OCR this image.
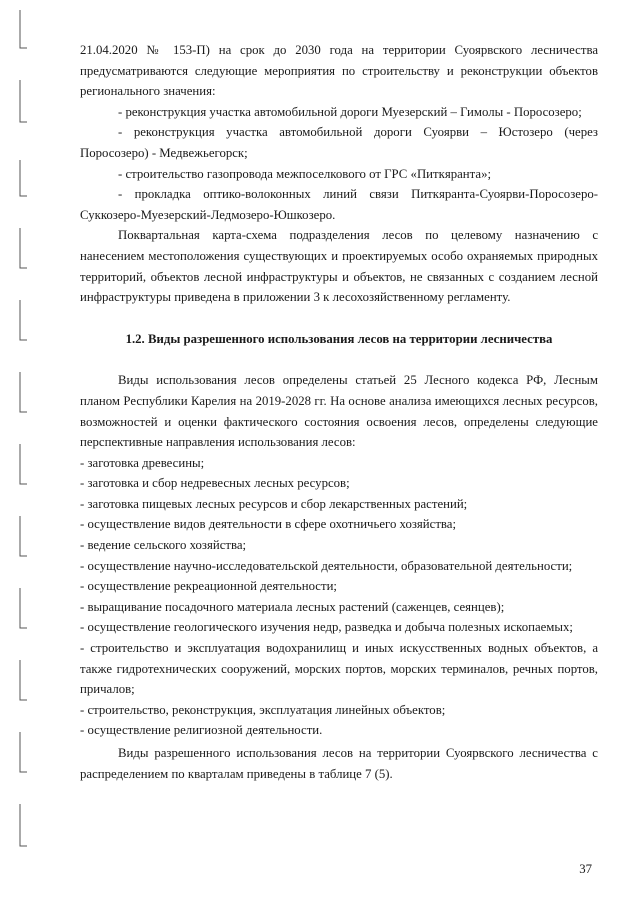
21.04.2020 № 153-П) на срок до 2030 года на территории Суоярвского лесничества предусматриваются следующие мероприятия по строительству и реконструкции объектов регионального значения:

- реконструкция участка автомобильной дороги Муезерский – Гимолы - Поросозеро;

- реконструкция участка автомобильной дороги Суоярви – Юстозеро (через Поросозеро) - Медвежьегорск;

- строительство газопровода межпоселкового от ГРС «Питкяранта»;

- прокладка оптико-волоконных линий связи Питкяранта-Суоярви-Поросозеро-Суккозеро-Муезерский-Ледмозеро-Юшкозеро.

Поквартальная карта-схема подразделения лесов по целевому назначению с нанесением местоположения существующих и проектируемых особо охраняемых природных территорий, объектов лесной инфраструктуры и объектов, не связанных с созданием лесной инфраструктуры приведена в приложении 3 к лесохозяйственному регламенту.

1.2. Виды разрешенного использования лесов на территории лесничества

Виды использования лесов определены статьей 25 Лесного кодекса РФ, Лесным планом Республики Карелия на 2019-2028 гг. На основе анализа имеющихся лесных ресурсов, возможностей и оценки фактического состояния освоения лесов, определены следующие перспективные направления использования лесов:

- заготовка древесины;

- заготовка и сбор недревесных лесных ресурсов;

- заготовка пищевых лесных ресурсов и сбор лекарственных растений;

- осуществление видов деятельности в сфере охотничьего хозяйства;

- ведение сельского хозяйства;

- осуществление научно-исследовательской деятельности, образовательной деятельности;

- осуществление рекреационной деятельности;

- выращивание посадочного материала лесных растений (саженцев, сеянцев);

- осуществление геологического изучения недр, разведка и добыча полезных ископаемых;

- строительство и эксплуатация водохранилищ и иных искусственных водных объектов, а также гидротехнических сооружений, морских портов, морских терминалов, речных портов, причалов;

- строительство, реконструкция, эксплуатация линейных объектов;

- осуществление религиозной деятельности.

Виды разрешенного использования лесов на территории Суоярвского лесничества с распределением по кварталам приведены в таблице 7 (5).

37
